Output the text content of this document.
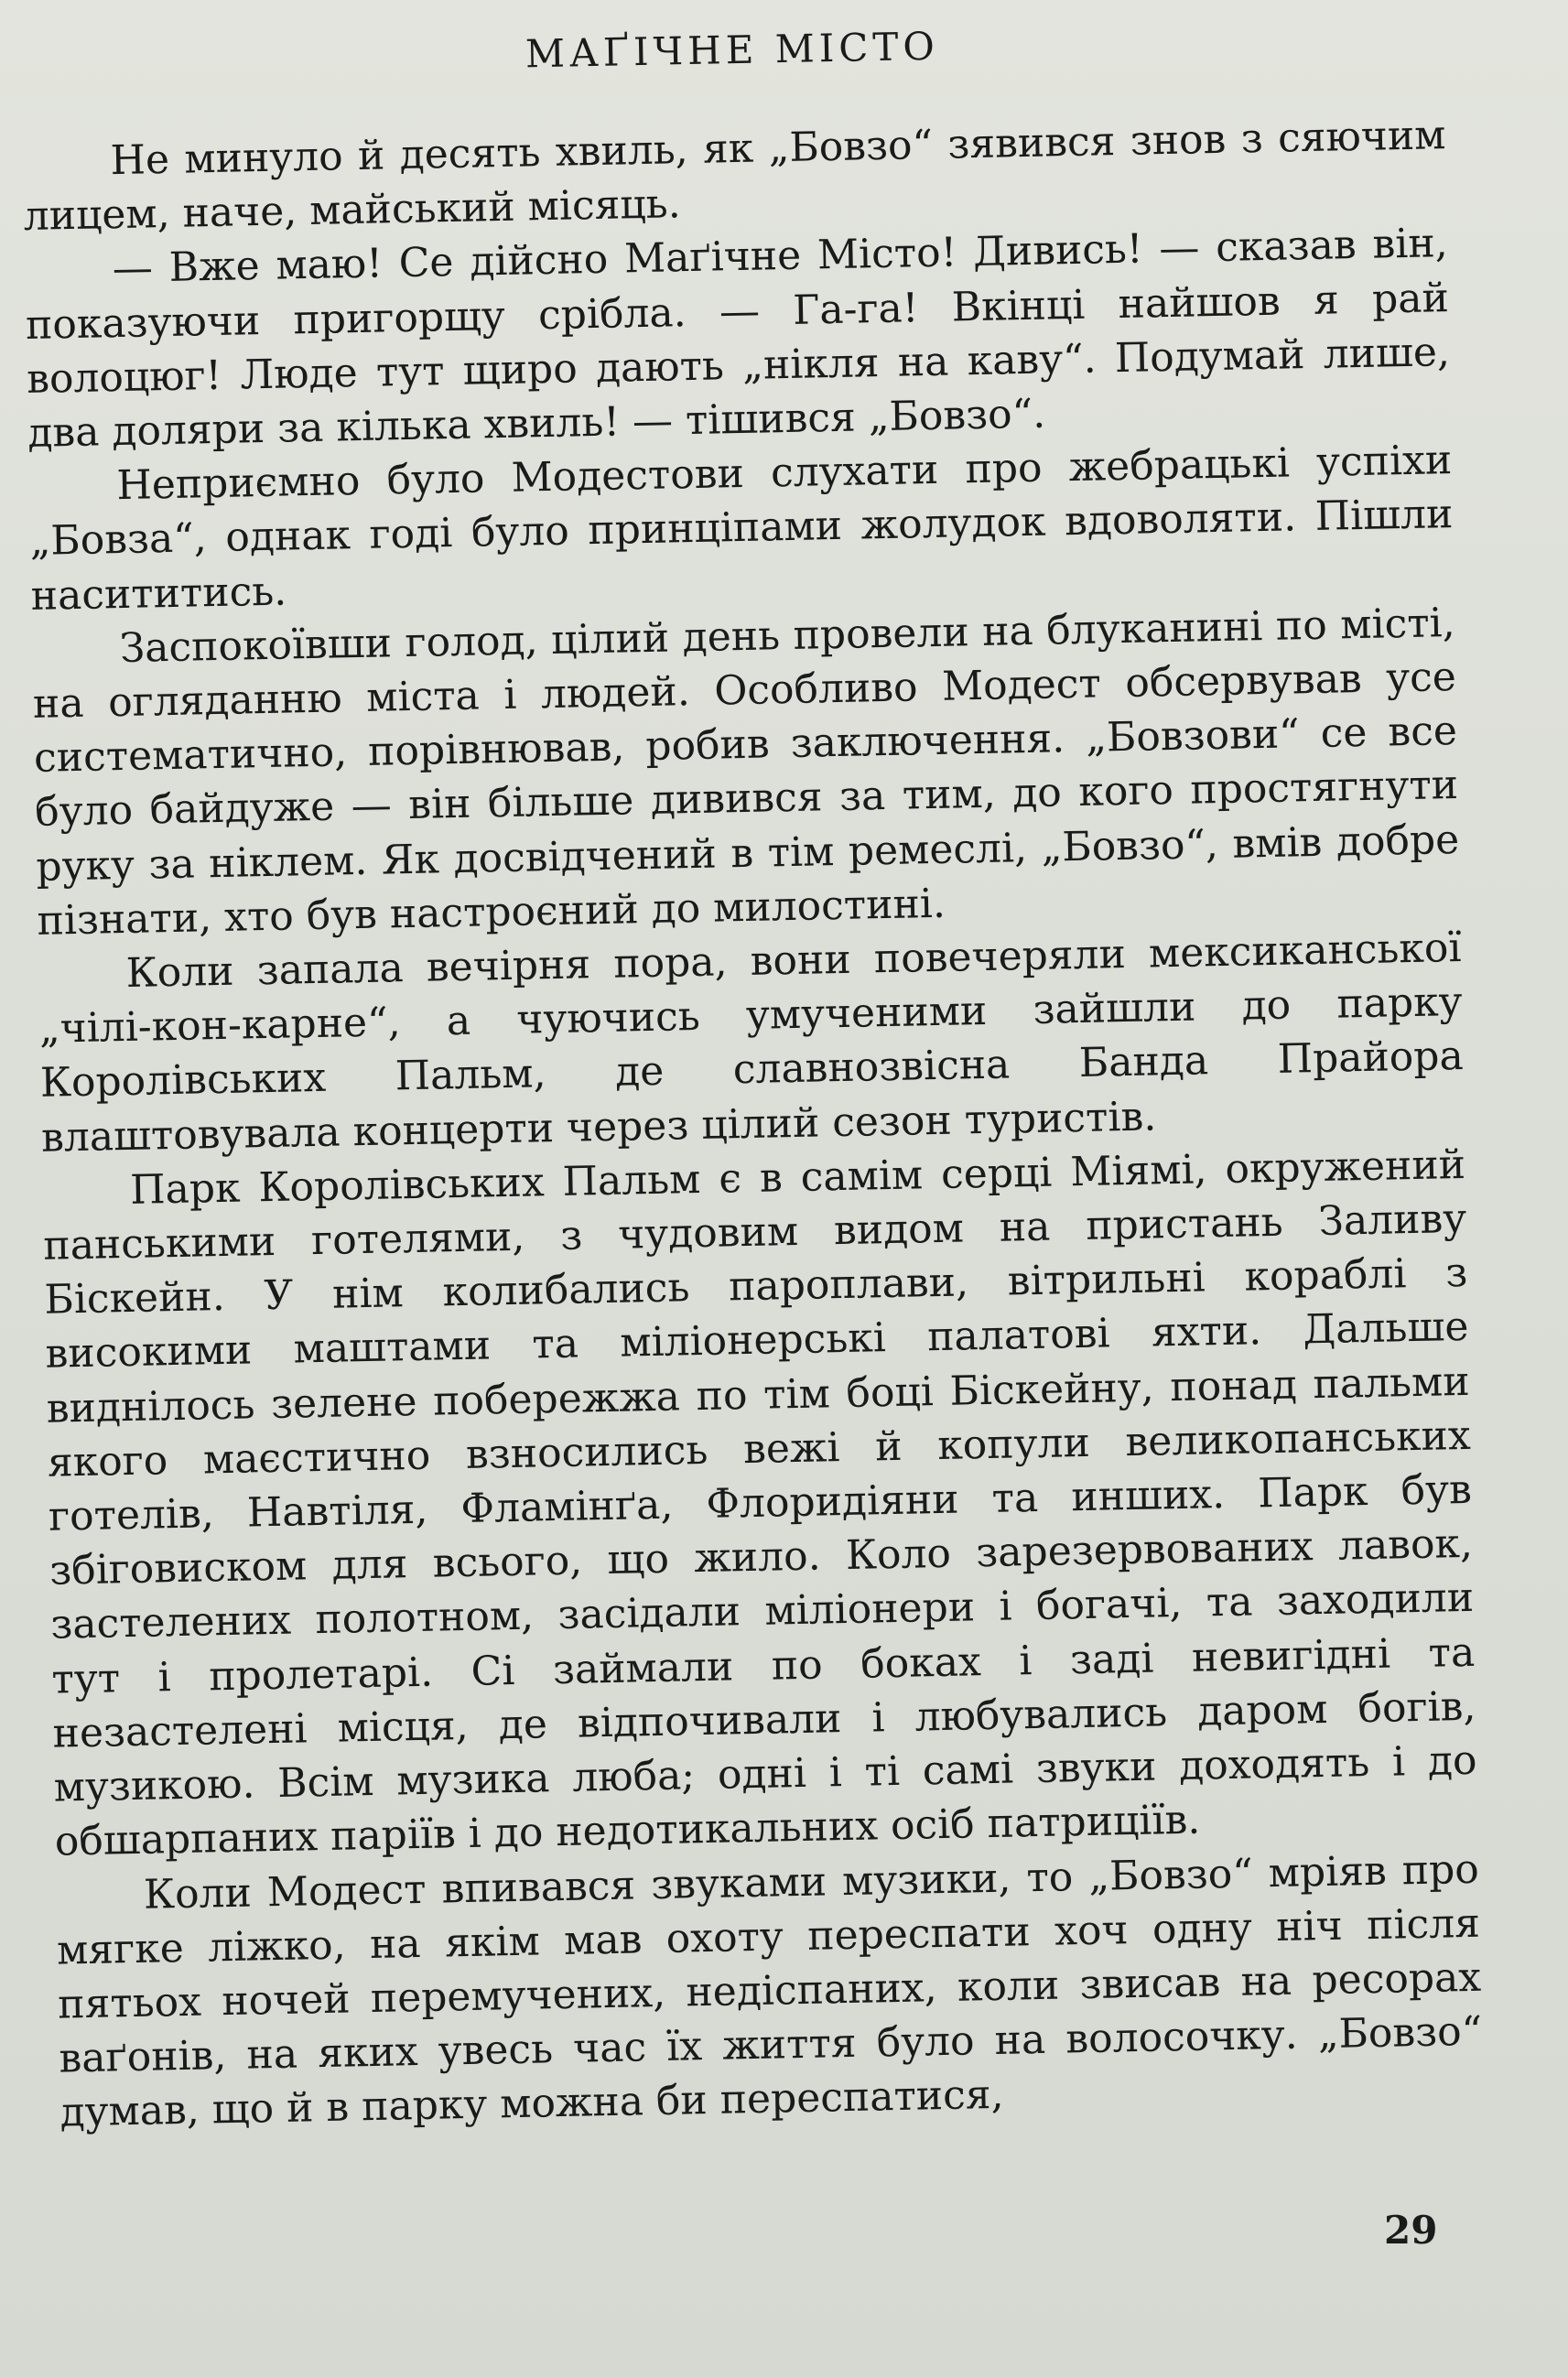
МАҐІЧНЕ МІСТО

Не минуло й десять хвиль, як „Бовзо“ зявився знов з сяючим лицем, наче, майський місяць.

— Вже маю! Се дійсно Маґічне Місто! Дивись! — сказав він, показуючи пригорщу срібла. — Га-га! Вкінці найшов я рай волоцюг! Люде тут щиро дають „нікля на каву“. Подумай лише, два доляри за кілька хвиль! — тішився „Бовзо“.

Неприємно було Модестови слухати про жебрацькі успіхи „Бовза“, однак годі було принціпами жолудок вдоволяти. Пішли насититись.

Заспокоївши голод, цілий день провели на блуканині по місті, на огляданню міста і людей. Особливо Модест обсервував усе систематично, порівнював, робив заключення. „Бовзови“ се все було байдуже — він більше дивився за тим, до кого простягнути руку за ніклем. Як досвідчений в тім ремеслі, „Бовзо“, вмів добре пізнати, хто був настроєний до милостині.

Коли запала вечірня пора, вони повечеряли мексиканської „чілі-кон-карне“, а чуючись умученими зайшли до парку Королівських Пальм, де славнозвісна Банда Прайора влаштовувала концерти через цілий сезон туристів.

Парк Королівських Пальм є в самім серці Міямі, окружений панськими готелями, з чудовим видом на пристань Заливу Біскейн. У нім колибались пароплави, вітрильні кораблі з високими маштами та міліонерські палатові яхти. Дальше виднілось зелене побережжа по тім боці Біскейну, понад пальми якого маєстично взносились вежі й копули великопанських готелів, Навтіля, Фламінґа, Флоридіяни та инших. Парк був збіговиском для всього, що жило. Коло зарезервованих лавок, застелених полотном, засідали міліонери і богачі, та заходили тут і пролетарі. Сі займали по боках і заді невигідні та незастелені місця, де відпочивали і любувались даром богів, музикою. Всім музика люба; одні і ті самі звуки доходять і до обшарпаних паріїв і до недотикальних осіб патриціїв.

Коли Модест впивався звуками музики, то „Бовзо“ мріяв про мягке ліжко, на якім мав охоту переспати хоч одну ніч після пятьох ночей перемучених, недіспаних, коли звисав на ресорах ваґонів, на яких увесь час їх життя було на волосочку. „Бовзо“ думав, що й в парку можна би переспатися,

29
